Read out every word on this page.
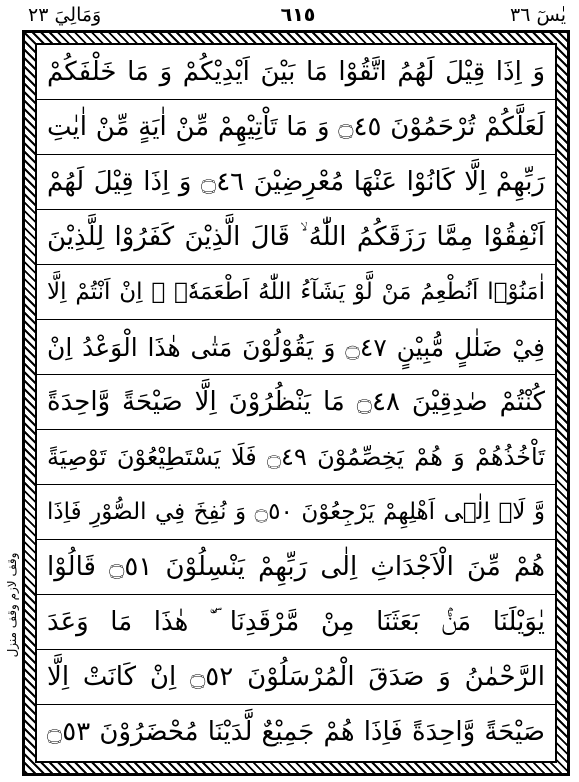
يٰسٓ ٣٦
٦١٥
وَمَالِيَ ٢٣
وقف لازم وقف منزل
وَ اِذَا قِيْلَ لَهُمُ اتَّقُوْا مَا بَيْنَ اَيْدِيْكُمْ وَ مَا خَلْفَكُمْ
لَعَلَّكُمْ تُرْحَمُوْنَ ۝٤٥ وَ مَا تَاْتِيْهِمْ مِّنْ اٰيَةٍ مِّنْ اٰيٰتِ
رَبِّهِمْ اِلَّا كَانُوْا عَنْهَا مُعْرِضِيْنَ ۝٤٦ وَ اِذَا قِيْلَ لَهُمْ
اَنْفِقُوْا مِمَّا رَزَقَكُمُ اللّٰهُ ۙ قَالَ الَّذِيْنَ كَفَرُوْا لِلَّذِيْنَ
اٰمَنُوْۤا اَنُطْعِمُ مَنْ لَّوْ يَشَآءُ اللّٰهُ اَطْعَمَهٗۤ ۖ اِنْ اَنْتُمْ اِلَّا
فِيْ ضَلٰلٍ مُّبِيْنٍ ۝٤٧ وَ يَقُوْلُوْنَ مَتٰى هٰذَا الْوَعْدُ اِنْ
كُنْتُمْ صٰدِقِيْنَ ۝٤٨ مَا يَنْظُرُوْنَ اِلَّا صَيْحَةً وَّاحِدَةً
تَاْخُذُهُمْ وَ هُمْ يَخِصِّمُوْنَ ۝٤٩ فَلَا يَسْتَطِيْعُوْنَ تَوْصِيَةً
وَّ لَاۤ اِلٰۤى اَهْلِهِمْ يَرْجِعُوْنَ ۝٥٠ وَ نُفِخَ فِي الصُّوْرِ فَاِذَا
هُمْ مِّنَ الْاَجْدَاثِ اِلٰى رَبِّهِمْ يَنْسِلُوْنَ ۝٥١ قَالُوْا
يٰوَيْلَنَا مَنْۢ بَعَثَنَا مِنْ مَّرْقَدِنَا ۜٚ هٰذَا مَا وَعَدَ
الرَّحْمٰنُ وَ صَدَقَ الْمُرْسَلُوْنَ ۝٥٢ اِنْ كَانَتْ اِلَّا
صَيْحَةً وَّاحِدَةً فَاِذَا هُمْ جَمِيْعٌ لَّدَيْنَا مُحْضَرُوْنَ ۝٥٣
